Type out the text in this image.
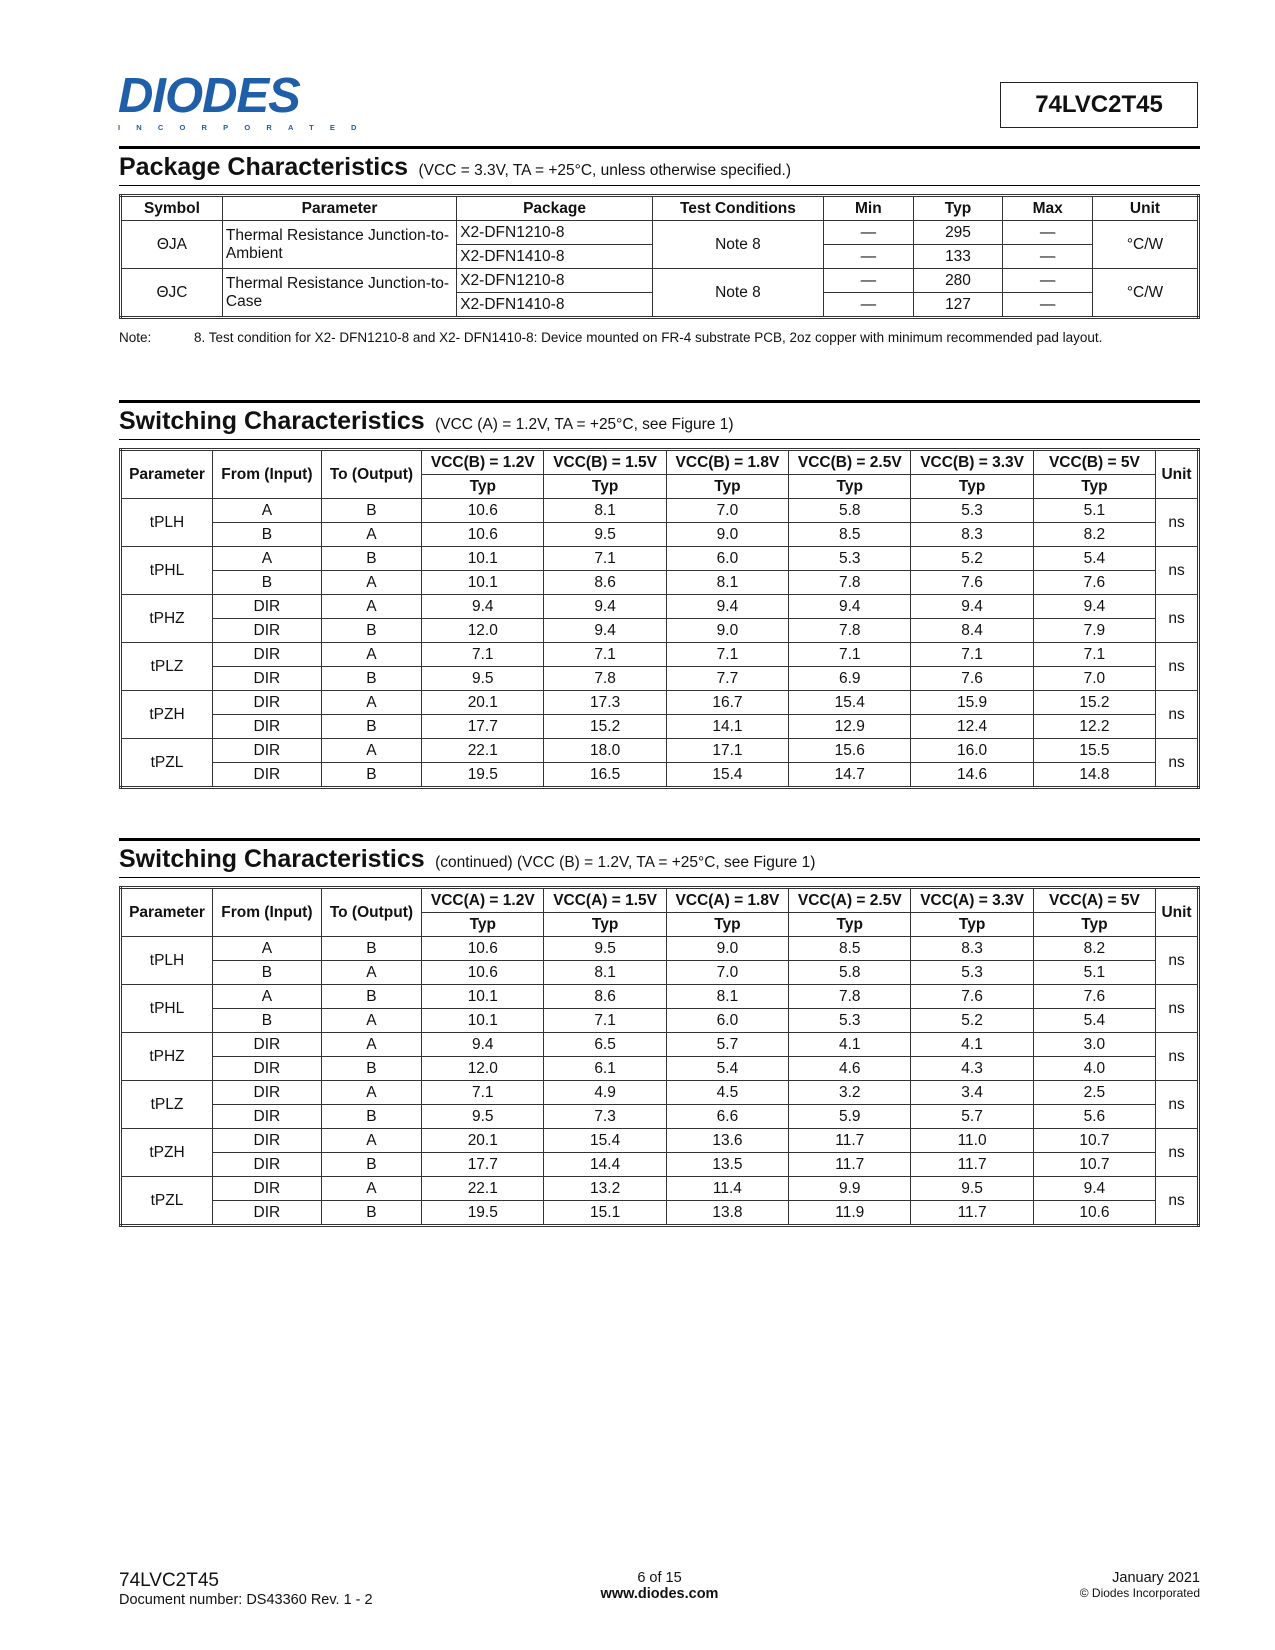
DIODES
INCORPORATED
74LVC2T45
Package Characteristics (VCC = 3.3V, TA = +25°C, unless otherwise specified.)
Symbol	Parameter	Package	Test Conditions	Min	Typ	Max	Unit
ΘJA	Thermal Resistance Junction-to-Ambient	X2-DFN1210-8	Note 8	—	295	—	°C/W
		X2-DFN1410-8		—	133	—	
ΘJC	Thermal Resistance Junction-to-Case	X2-DFN1210-8	Note 8	—	280	—	°C/W
		X2-DFN1410-8		—	127	—	
Note:	8. Test condition for X2- DFN1210-8 and X2- DFN1410-8: Device mounted on FR-4 substrate PCB, 2oz copper with minimum recommended pad layout.
Switching Characteristics (VCC (A) = 1.2V, TA = +25°C, see Figure 1)
Parameter	From (Input)	To (Output)	VCC(B) = 1.2V	VCC(B) = 1.5V	VCC(B) = 1.8V	VCC(B) = 2.5V	VCC(B) = 3.3V	VCC(B) = 5V	Unit
			Typ	Typ	Typ	Typ	Typ	Typ	
tPLH	A	B	10.6	8.1	7.0	5.8	5.3	5.1	ns
	B	A	10.6	9.5	9.0	8.5	8.3	8.2	
tPHL	A	B	10.1	7.1	6.0	5.3	5.2	5.4	ns
	B	A	10.1	8.6	8.1	7.8	7.6	7.6	
tPHZ	DIR	A	9.4	9.4	9.4	9.4	9.4	9.4	ns
	DIR	B	12.0	9.4	9.0	7.8	8.4	7.9	
tPLZ	DIR	A	7.1	7.1	7.1	7.1	7.1	7.1	ns
	DIR	B	9.5	7.8	7.7	6.9	7.6	7.0	
tPZH	DIR	A	20.1	17.3	16.7	15.4	15.9	15.2	ns
	DIR	B	17.7	15.2	14.1	12.9	12.4	12.2	
tPZL	DIR	A	22.1	18.0	17.1	15.6	16.0	15.5	ns
	DIR	B	19.5	16.5	15.4	14.7	14.6	14.8	
Switching Characteristics (continued) (VCC (B) = 1.2V, TA = +25°C, see Figure 1)
Parameter	From (Input)	To (Output)	VCC(A) = 1.2V	VCC(A) = 1.5V	VCC(A) = 1.8V	VCC(A) = 2.5V	VCC(A) = 3.3V	VCC(A) = 5V	Unit
			Typ	Typ	Typ	Typ	Typ	Typ	
tPLH	A	B	10.6	9.5	9.0	8.5	8.3	8.2	ns
	B	A	10.6	8.1	7.0	5.8	5.3	5.1	
tPHL	A	B	10.1	8.6	8.1	7.8	7.6	7.6	ns
	B	A	10.1	7.1	6.0	5.3	5.2	5.4	
tPHZ	DIR	A	9.4	6.5	5.7	4.1	4.1	3.0	ns
	DIR	B	12.0	6.1	5.4	4.6	4.3	4.0	
tPLZ	DIR	A	7.1	4.9	4.5	3.2	3.4	2.5	ns
	DIR	B	9.5	7.3	6.6	5.9	5.7	5.6	
tPZH	DIR	A	20.1	15.4	13.6	11.7	11.0	10.7	ns
	DIR	B	17.7	14.4	13.5	11.7	11.7	10.7	
tPZL	DIR	A	22.1	13.2	11.4	9.9	9.5	9.4	ns
	DIR	B	19.5	15.1	13.8	11.9	11.7	10.6	
74LVC2T45
Document number: DS43360 Rev. 1 - 2
6 of 15
www.diodes.com
January 2021
© Diodes Incorporated
